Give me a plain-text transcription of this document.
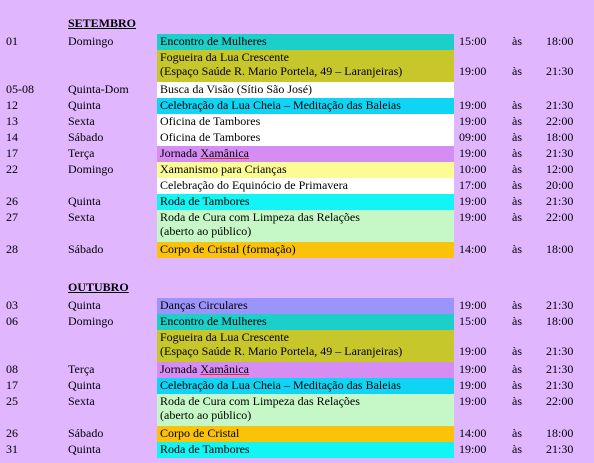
SETEMBRO
01	Domingo	Encontro de Mulheres	15:00 às 18:00
Fogueira da Lua Crescente
(Espaço Saúde R. Mario Portela, 49 – Laranjeiras)	19:00 às 21:30
05-08	Quinta-Dom	Busca da Visão (Sítio São José)
12	Quinta	Celebração da Lua Cheia – Meditação das Baleias	19:00 às 21:30
13	Sexta	Oficina de Tambores	19:00 às 22:00
14	Sábado	Oficina de Tambores	09:00 às 18:00
17	Terça	Jornada Xamânica	19:00 às 21:30
22	Domingo	Xamanismo para Crianças	10:00 às 12:00
Celebração do Equinócio de Primavera	17:00 às 20:00
26	Quinta	Roda de Tambores	19:00 às 21:30
27	Sexta	Roda de Cura com Limpeza das Relações
(aberto ao público)
19:00 às 22:00
28	Sábado	Corpo de Cristal (formação)	14:00 às 18:00
OUTUBRO
03	Quinta	Danças Circulares	19:00 às 21:30
06	Domingo	Encontro de Mulheres	15:00 às 18:00
Fogueira da Lua Crescente
(Espaço Saúde R. Mario Portela, 49 – Laranjeiras)	19:00 às 21:30
08	Terça	Jornada Xamânica	19:00 às 21:30
17	Quinta	Celebração da Lua Cheia – Meditação das Baleias	19:00 às 21:30
25	Sexta	Roda de Cura com Limpeza das Relações
(aberto ao público)
19:00 às 22:00
26	Sábado	Corpo de Cristal	14:00 às 18:00
31	Quinta	Roda de Tambores	19:00 às 21:30
